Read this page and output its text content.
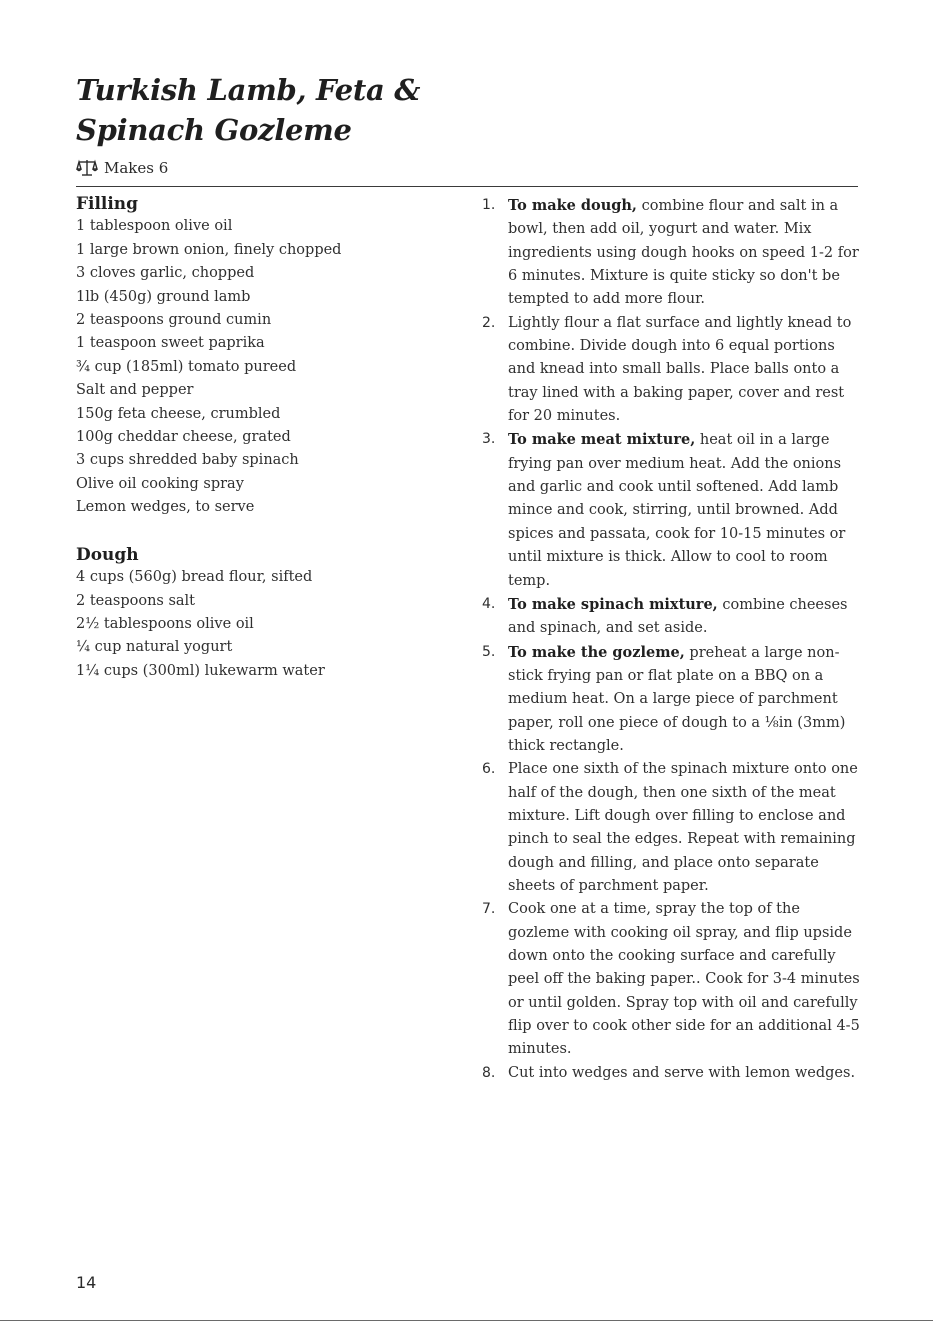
Turkish Lamb, Feta &
Spinach Gozleme
Makes 6
Filling
1 tablespoon olive oil
1 large brown onion, finely chopped
3 cloves garlic, chopped
1lb (450g) ground lamb
2 teaspoons ground cumin
1 teaspoon sweet paprika
¾ cup (185ml) tomato pureed
Salt and pepper
150g feta cheese, crumbled
100g cheddar cheese, grated
3 cups shredded baby spinach
Olive oil cooking spray
Lemon wedges, to serve
Dough
4 cups (560g) bread flour, sifted
2 teaspoons salt
2½ tablespoons olive oil
¼ cup natural yogurt
1¼ cups (300ml) lukewarm water
1. To make dough, combine flour and salt in a bowl, then add oil, yogurt and water. Mix ingredients using dough hooks on speed 1-2 for 6 minutes. Mixture is quite sticky so don't be tempted to add more flour.
2. Lightly flour a flat surface and lightly knead to combine. Divide dough into 6 equal portions and knead into small balls. Place balls onto a tray lined with a baking paper, cover and rest for 20 minutes.
3. To make meat mixture, heat oil in a large frying pan over medium heat. Add the onions and garlic and cook until softened. Add lamb mince and cook, stirring, until browned. Add spices and passata, cook for 10-15 minutes or until mixture is thick. Allow to cool to room temp.
4. To make spinach mixture, combine cheeses and spinach, and set aside.
5. To make the gozleme, preheat a large non-stick frying pan or flat plate on a BBQ on a medium heat. On a large piece of parchment paper, roll one piece of dough to a ⅛in (3mm) thick rectangle.
6. Place one sixth of the spinach mixture onto one half of the dough, then one sixth of the meat mixture. Lift dough over filling to enclose and pinch to seal the edges. Repeat with remaining dough and filling, and place onto separate sheets of parchment paper.
7. Cook one at a time, spray the top of the gozleme with cooking oil spray, and flip upside down onto the cooking surface and carefully peel off the baking paper.. Cook for 3-4 minutes or until golden. Spray top with oil and carefully flip over to cook other side for an additional 4-5 minutes.
8. Cut into wedges and serve with lemon wedges.
14
